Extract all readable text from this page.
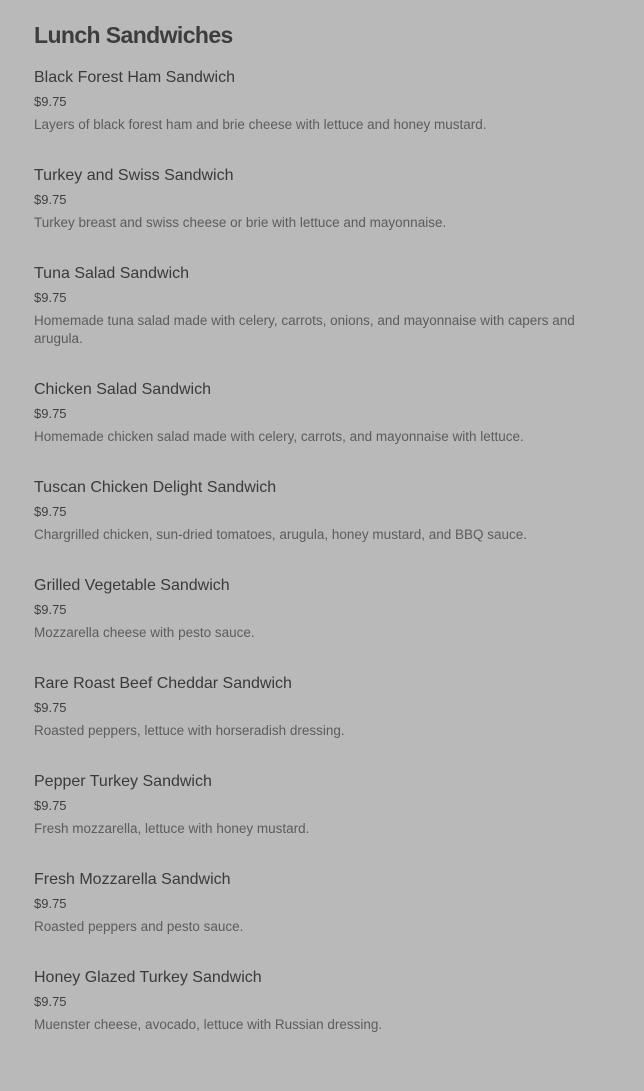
Lunch Sandwiches
Black Forest Ham Sandwich
$9.75
Layers of black forest ham and brie cheese with lettuce and honey mustard.
Turkey and Swiss Sandwich
$9.75
Turkey breast and swiss cheese or brie with lettuce and mayonnaise.
Tuna Salad Sandwich
$9.75
Homemade tuna salad made with celery, carrots, onions, and mayonnaise with capers and arugula.
Chicken Salad Sandwich
$9.75
Homemade chicken salad made with celery, carrots, and mayonnaise with lettuce.
Tuscan Chicken Delight Sandwich
$9.75
Chargrilled chicken, sun-dried tomatoes, arugula, honey mustard, and BBQ sauce.
Grilled Vegetable Sandwich
$9.75
Mozzarella cheese with pesto sauce.
Rare Roast Beef Cheddar Sandwich
$9.75
Roasted peppers, lettuce with horseradish dressing.
Pepper Turkey Sandwich
$9.75
Fresh mozzarella, lettuce with honey mustard.
Fresh Mozzarella Sandwich
$9.75
Roasted peppers and pesto sauce.
Honey Glazed Turkey Sandwich
$9.75
Muenster cheese, avocado, lettuce with Russian dressing.
